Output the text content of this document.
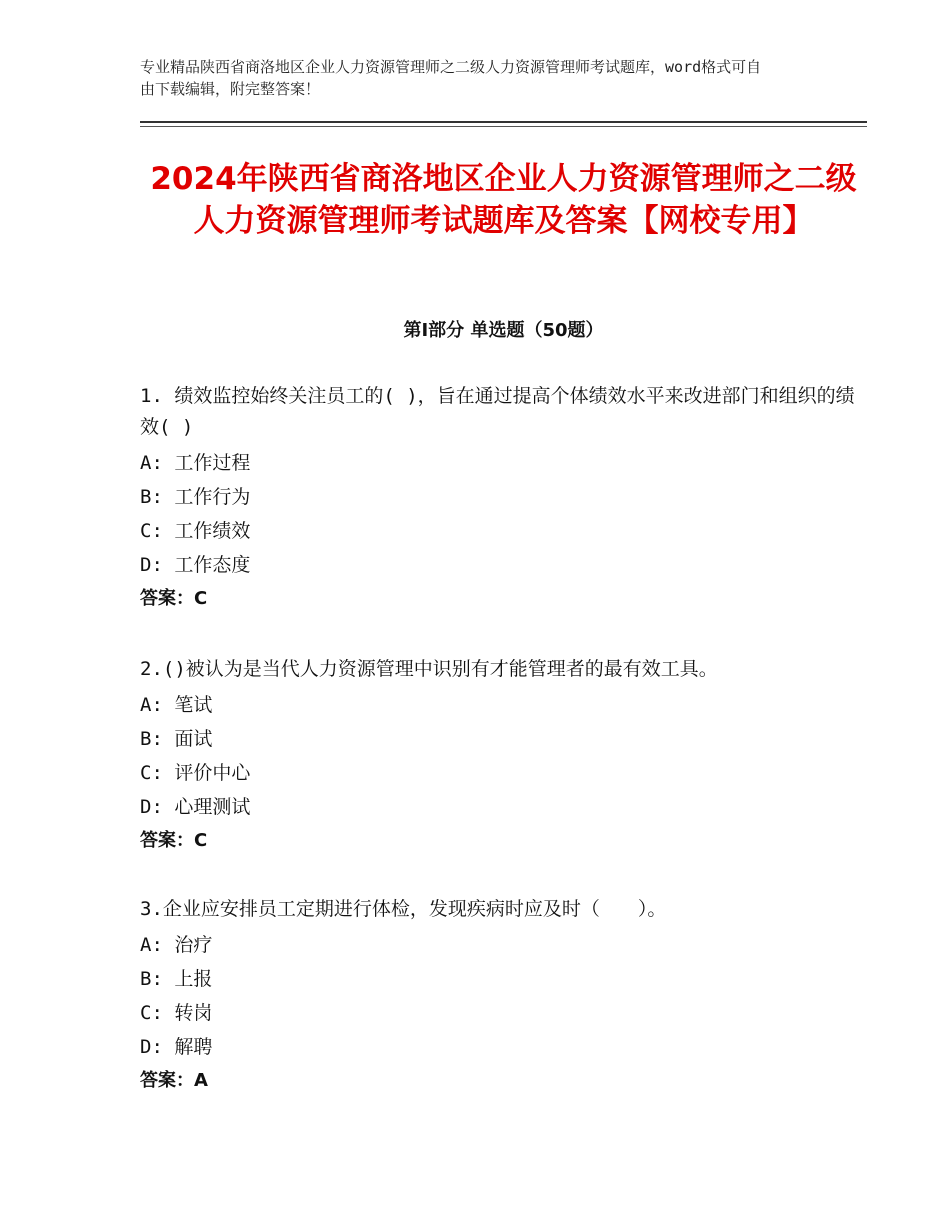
专业精品陕西省商洛地区企业人力资源管理师之二级人力资源管理师考试题库，word格式可自由下载编辑，附完整答案！
2024年陕西省商洛地区企业人力资源管理师之二级人力资源管理师考试题库及答案【网校专用】
第Ⅰ部分 单选题（50题）
1. 绩效监控始终关注员工的( )，旨在通过提高个体绩效水平来改进部门和组织的绩效( )
A: 工作过程
B: 工作行为
C: 工作绩效
D: 工作态度
答案：C
2.()被认为是当代人力资源管理中识别有才能管理者的最有效工具。
A: 笔试
B: 面试
C: 评价中心
D: 心理测试
答案：C
3.企业应安排员工定期进行体检，发现疾病时应及时（　　）。
A: 治疗
B: 上报
C: 转岗
D: 解聘
答案：A
